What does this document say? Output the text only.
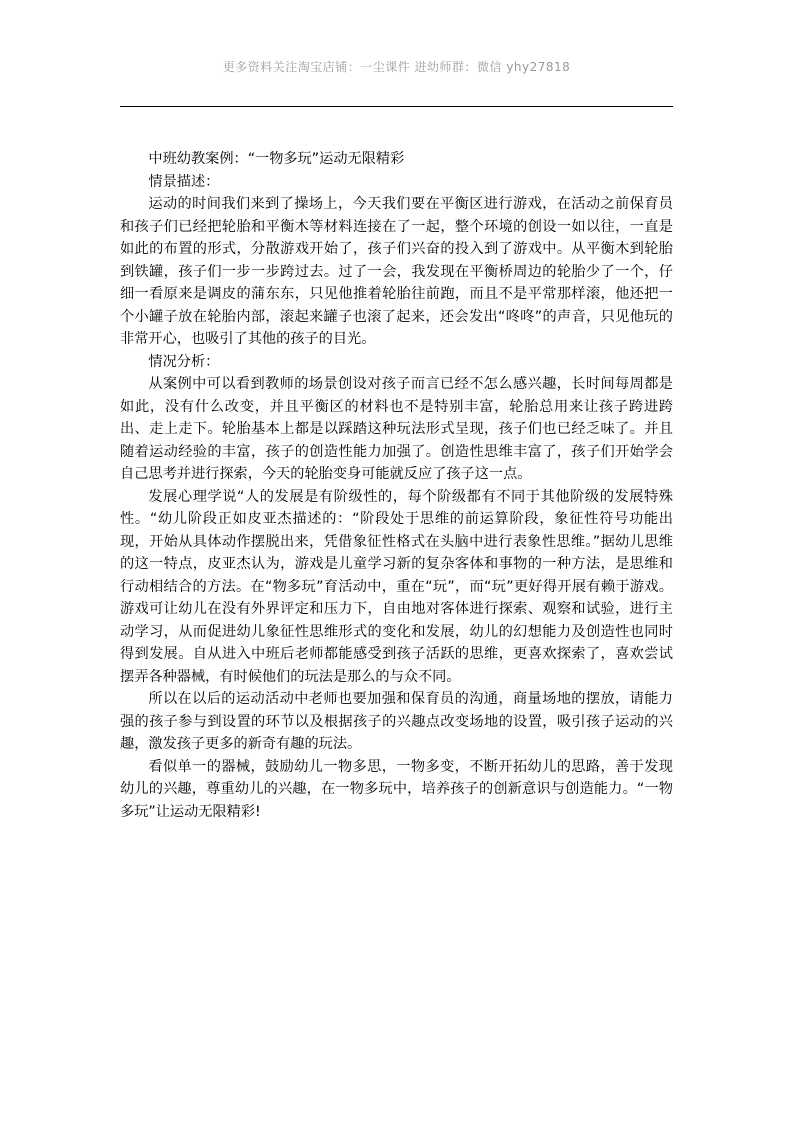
更多资料关注淘宝店铺：一尘课件 进幼师群：微信 yhy27818

中班幼教案例：“一物多玩”运动无限精彩

情景描述：

运动的时间我们来到了操场上，今天我们要在平衡区进行游戏，在活动之前保育员和孩子们已经把轮胎和平衡木等材料连接在了一起，整个环境的创设一如以往，一直是如此的布置的形式，分散游戏开始了，孩子们兴奋的投入到了游戏中。从平衡木到轮胎到铁罐，孩子们一步一步跨过去。过了一会，我发现在平衡桥周边的轮胎少了一个，仔细一看原来是调皮的蒲东东，只见他推着轮胎往前跑，而且不是平常那样滚，他还把一个小罐子放在轮胎内部，滚起来罐子也滚了起来，还会发出“咚咚”的声音，只见他玩的非常开心，也吸引了其他的孩子的目光。

情况分析：

从案例中可以看到教师的场景创设对孩子而言已经不怎么感兴趣，长时间每周都是如此，没有什么改变，并且平衡区的材料也不是特别丰富，轮胎总用来让孩子跨进跨出、走上走下。轮胎基本上都是以踩踏这种玩法形式呈现，孩子们也已经乏味了。并且随着运动经验的丰富，孩子的创造性能力加强了。创造性思维丰富了，孩子们开始学会自己思考并进行探索，今天的轮胎变身可能就反应了孩子这一点。

发展心理学说“人的发展是有阶级性的，每个阶级都有不同于其他阶级的发展特殊性。“幼儿阶段正如皮亚杰描述的：“阶段处于思维的前运算阶段，象征性符号功能出现，开始从具体动作摆脱出来，凭借象征性格式在头脑中进行表象性思维。”据幼儿思维的这一特点，皮亚杰认为，游戏是儿童学习新的复杂客体和事物的一种方法，是思维和行动相结合的方法。在“物多玩”育活动中，重在“玩”，而“玩”更好得开展有赖于游戏。游戏可让幼儿在没有外界评定和压力下，自由地对客体进行探索、观察和试验，进行主动学习，从而促进幼儿象征性思维形式的变化和发展，幼儿的幻想能力及创造性也同时得到发展。自从进入中班后老师都能感受到孩子活跃的思维，更喜欢探索了，喜欢尝试摆弄各种器械，有时候他们的玩法是那么的与众不同。

所以在以后的运动活动中老师也要加强和保育员的沟通，商量场地的摆放，请能力强的孩子参与到设置的环节以及根据孩子的兴趣点改变场地的设置，吸引孩子运动的兴趣，激发孩子更多的新奇有趣的玩法。

看似单一的器械，鼓励幼儿一物多思，一物多变，不断开拓幼儿的思路，善于发现幼儿的兴趣，尊重幼儿的兴趣，在一物多玩中，培养孩子的创新意识与创造能力。“一物多玩”让运动无限精彩!
